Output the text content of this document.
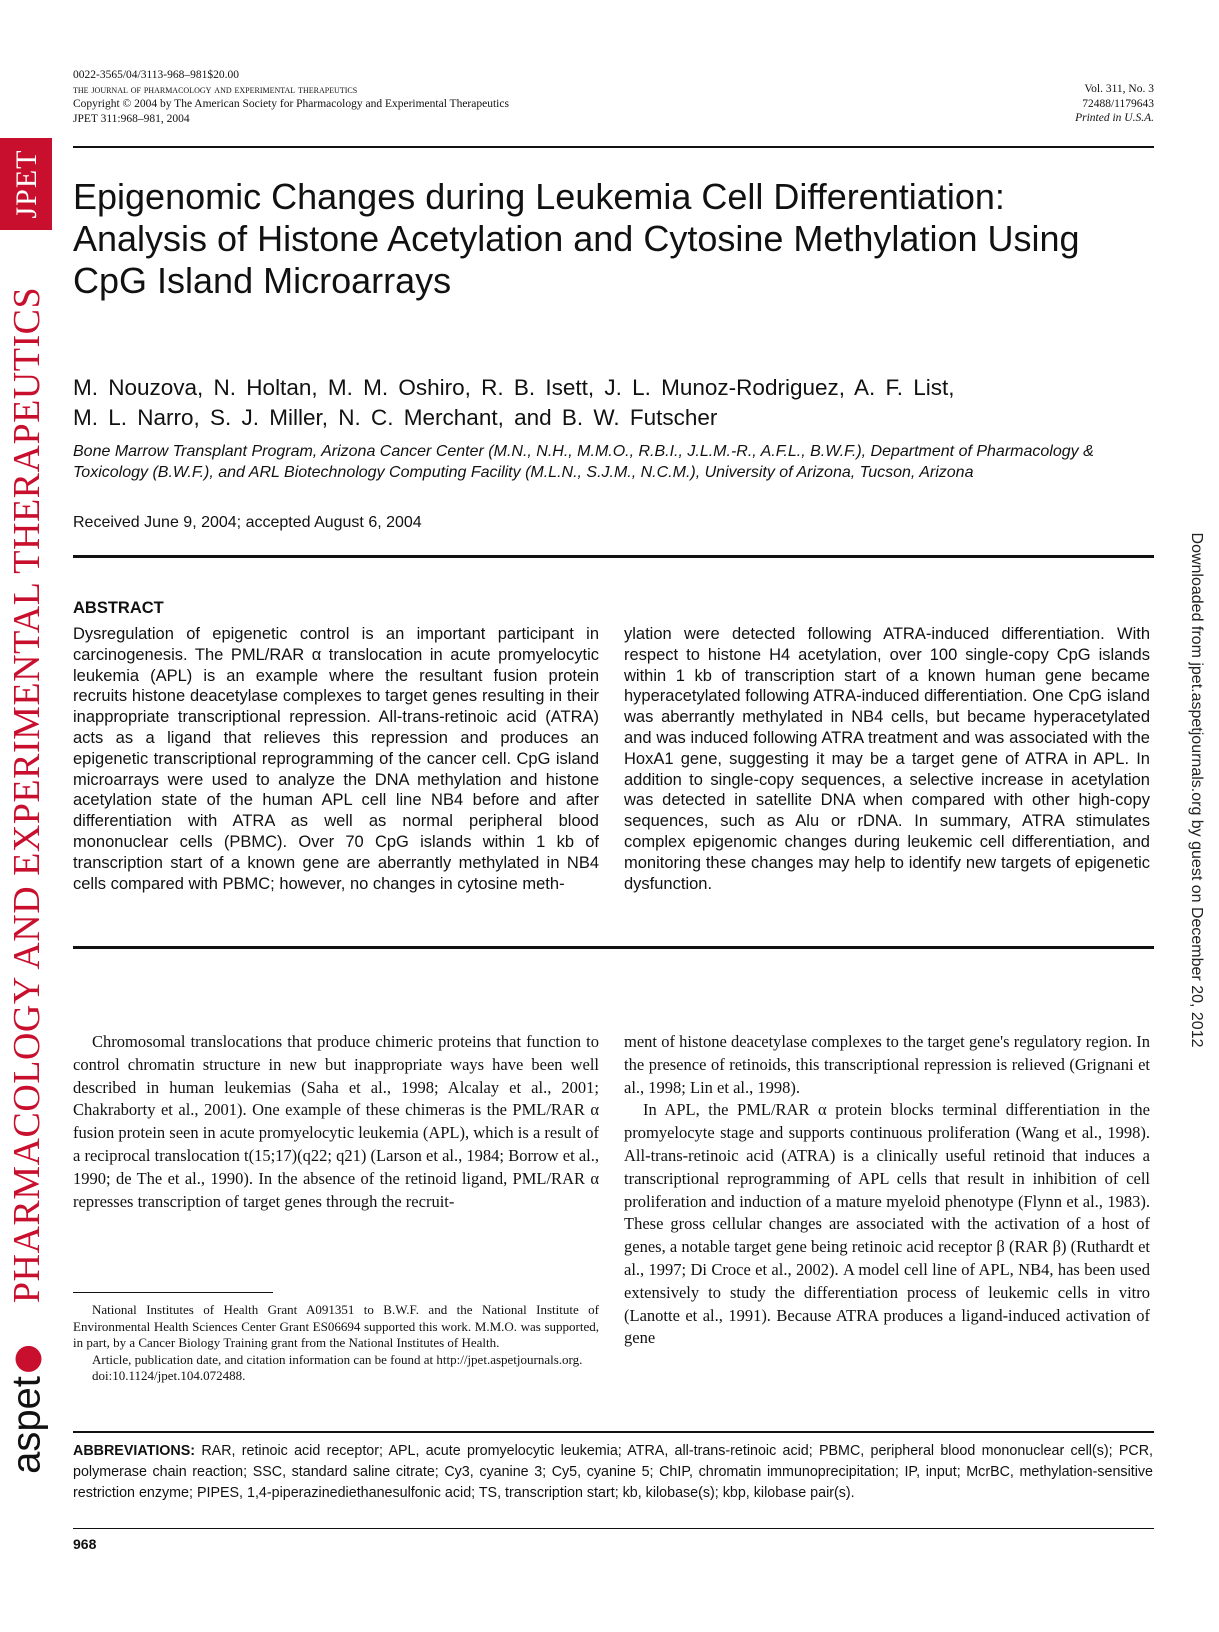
JPET
PHARMACOLOGY AND EXPERIMENTAL THERAPEUTICS
aspet
Downloaded from jpet.aspetjournals.org by guest on December 20, 2012
0022-3565/04/3113-968–981$20.00
the journal of pharmacology and experimental therapeutics
Copyright © 2004 by The American Society for Pharmacology and Experimental Therapeutics
JPET 311:968–981, 2004
Vol. 311, No. 3
72488/1179643
Printed in U.S.A.
Epigenomic Changes during Leukemia Cell Differentiation:
Analysis of Histone Acetylation and Cytosine Methylation Using
CpG Island Microarrays
M. Nouzova, N. Holtan, M. M. Oshiro, R. B. Isett, J. L. Munoz-Rodriguez, A. F. List,
M. L. Narro, S. J. Miller, N. C. Merchant, and B. W. Futscher
Bone Marrow Transplant Program, Arizona Cancer Center (M.N., N.H., M.M.O., R.B.I., J.L.M.-R., A.F.L., B.W.F.), Department of Pharmacology & Toxicology (B.W.F.), and ARL Biotechnology Computing Facility (M.L.N., S.J.M., N.C.M.), University of Arizona, Tucson, Arizona
Received June 9, 2004; accepted August 6, 2004
ABSTRACT
Dysregulation of epigenetic control is an important participant in carcinogenesis. The PML/RAR α translocation in acute promyelocytic leukemia (APL) is an example where the resultant fusion protein recruits histone deacetylase complexes to target genes resulting in their inappropriate transcriptional repression. All-trans-retinoic acid (ATRA) acts as a ligand that relieves this repression and produces an epigenetic transcriptional reprogramming of the cancer cell. CpG island microarrays were used to analyze the DNA methylation and histone acetylation state of the human APL cell line NB4 before and after differentiation with ATRA as well as normal peripheral blood mononuclear cells (PBMC). Over 70 CpG islands within 1 kb of transcription start of a known gene are aberrantly methylated in NB4 cells compared with PBMC; however, no changes in cytosine meth-
ylation were detected following ATRA-induced differentiation. With respect to histone H4 acetylation, over 100 single-copy CpG islands within 1 kb of transcription start of a known human gene became hyperacetylated following ATRA-induced differentiation. One CpG island was aberrantly methylated in NB4 cells, but became hyperacetylated and was induced following ATRA treatment and was associated with the HoxA1 gene, suggesting it may be a target gene of ATRA in APL. In addition to single-copy sequences, a selective increase in acetylation was detected in satellite DNA when compared with other high-copy sequences, such as Alu or rDNA. In summary, ATRA stimulates complex epigenomic changes during leukemic cell differentiation, and monitoring these changes may help to identify new targets of epigenetic dysfunction.

Chromosomal translocations that produce chimeric proteins that function to control chromatin structure in new but inappropriate ways have been well described in human leukemias (Saha et al., 1998; Alcalay et al., 2001; Chakraborty et al., 2001). One example of these chimeras is the PML/RAR α fusion protein seen in acute promyelocytic leukemia (APL), which is a result of a reciprocal translocation t(15;17)(q22; q21) (Larson et al., 1984; Borrow et al., 1990; de The et al., 1990). In the absence of the retinoid ligand, PML/RAR α represses transcription of target genes through the recruit-

ment of histone deacetylase complexes to the target gene's regulatory region. In the presence of retinoids, this transcriptional repression is relieved (Grignani et al., 1998; Lin et al., 1998).

In APL, the PML/RAR α protein blocks terminal differentiation in the promyelocyte stage and supports continuous proliferation (Wang et al., 1998). All-trans-retinoic acid (ATRA) is a clinically useful retinoid that induces a transcriptional reprogramming of APL cells that result in inhibition of cell proliferation and induction of a mature myeloid phenotype (Flynn et al., 1983). These gross cellular changes are associated with the activation of a host of genes, a notable target gene being retinoic acid receptor β (RAR β) (Ruthardt et al., 1997; Di Croce et al., 2002). A model cell line of APL, NB4, has been used extensively to study the differentiation process of leukemic cells in vitro (Lanotte et al., 1991). Because ATRA produces a ligand-induced activation of gene

National Institutes of Health Grant A091351 to B.W.F. and the National Institute of Environmental Health Sciences Center Grant ES06694 supported this work. M.M.O. was supported, in part, by a Cancer Biology Training grant from the National Institutes of Health.

Article, publication date, and citation information can be found at http://jpet.aspetjournals.org.

doi:10.1124/jpet.104.072488.

ABBREVIATIONS: RAR, retinoic acid receptor; APL, acute promyelocytic leukemia; ATRA, all-trans-retinoic acid; PBMC, peripheral blood mononuclear cell(s); PCR, polymerase chain reaction; SSC, standard saline citrate; Cy3, cyanine 3; Cy5, cyanine 5; ChIP, chromatin immunoprecipitation; IP, input; McrBC, methylation-sensitive restriction enzyme; PIPES, 1,4-piperazinediethanesulfonic acid; TS, transcription start; kb, kilobase(s); kbp, kilobase pair(s).
968
